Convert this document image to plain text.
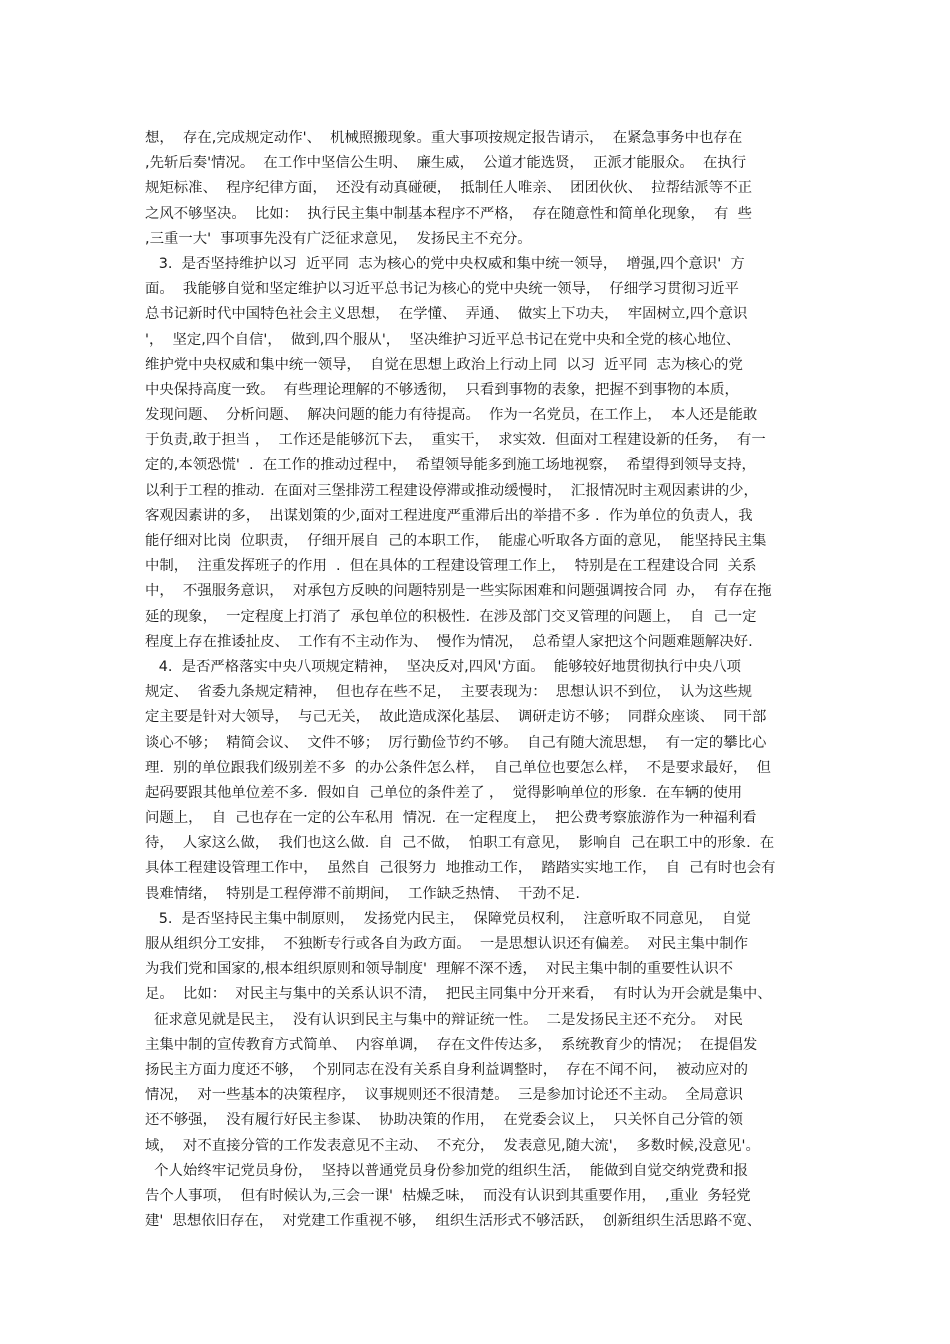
想，  存在,完成规定动作'、  机械照搬现象。重大事项按规定报告请示，  在紧急事务中也存在
,先斩后奏'情况。  在工作中坚信公生明、  廉生威，  公道才能选贤，  正派才能服众。  在执行
规矩标准、  程序纪律方面，  还没有动真碰硬，  抵制任人唯亲、  团团伙伙、  拉帮结派等不正
之风不够坚决。  比如：  执行民主集中制基本程序不严格，  存在随意性和简单化现象，  有  些
,三重一大'  事项事先没有广泛征求意见，  发扬民主不充分。
3.  是否坚持维护以习  近平同  志为核心的党中央权威和集中统一领导，  增强,四个意识'  方
面。  我能够自觉和坚定维护以习近平总书记为核心的党中央统一领导，  仔细学习贯彻习近平
总书记新时代中国特色社会主义思想，  在学懂、  弄通、  做实上下功夫，  牢固树立,四个意识
'，  坚定,四个自信'，  做到,四个服从'，  坚决维护习近平总书记在党中央和全党的核心地位、
维护党中央权威和集中统一领导，  自觉在思想上政治上行动上同  以习  近平同  志为核心的党
中央保持高度一致。  有些理论理解的不够透彻，  只看到事物的表象，把握不到事物的本质，
发现问题、  分析问题、  解决问题的能力有待提高。  作为一名党员，在工作上，  本人还是能敢
于负责,敢于担当 ，  工作还是能够沉下去，  重实干，  求实效.  但面对工程建设新的任务，  有一
定的,本领恐慌'  .  在工作的推动过程中，  希望领导能多到施工场地视察，  希望得到领导支持，
以利于工程的推动.  在面对三堡排涝工程建设停滞或推动缓慢时，  汇报情况时主观因素讲的少，
客观因素讲的多，  出谋划策的少,面对工程进度严重滞后出的举措不多 .  作为单位的负责人，我
能仔细对比岗  位职责，  仔细开展自  己的本职工作，  能虚心听取各方面的意见，  能坚持民主集
中制，  注重发挥班子的作用  .  但在具体的工程建设管理工作上，  特别是在工程建设合同  关系
中，  不强服务意识，  对承包方反映的问题特别是一些实际困难和问题强调按合同  办，  有存在拖
延的现象，  一定程度上打消了  承包单位的积极性.  在涉及部门交叉管理的问题上，  自  己一定
程度上存在推诿扯皮、  工作有不主动作为、  慢作为情况，  总希望人家把这个问题难题解决好.
4.  是否严格落实中央八项规定精神，  坚决反对,四风'方面。  能够较好地贯彻执行中央八项
规定、  省委九条规定精神，  但也存在些不足，  主要表现为：  思想认识不到位，  认为这些规
定主要是针对大领导，  与己无关，  故此造成深化基层、  调研走访不够；  同群众座谈、  同干部
谈心不够；  精简会议、  文件不够；  厉行勤俭节约不够。  自己有随大流思想，  有一定的攀比心
理.  别的单位跟我们级别差不多  的办公条件怎么样，  自己单位也要怎么样，  不是要求最好，  但
起码要跟其他单位差不多.  假如自  己单位的条件差了 ，  觉得影响单位的形象.  在车辆的使用
问题上，  自  己也存在一定的公车私用  情况.  在一定程度上，  把公费考察旅游作为一种福利看
待，  人家这么做，  我们也这么做.  自  己不做，  怕职工有意见，  影响自  己在职工中的形象.  在
具体工程建设管理工作中，  虽然自  己很努力  地推动工作，  踏踏实实地工作，  自  己有时也会有
畏难情绪，  特别是工程停滞不前期间，  工作缺乏热情、  干劲不足.
5.  是否坚持民主集中制原则，  发扬党内民主，  保障党员权利，  注意听取不同意见，  自觉
服从组织分工安排，  不独断专行或各自为政方面。  一是思想认识还有偏差。  对民主集中制作
为我们党和国家的,根本组织原则和领导制度'  理解不深不透，  对民主集中制的重要性认识不
足。  比如：  对民主与集中的关系认识不清，  把民主同集中分开来看，  有时认为开会就是集中、
征求意见就是民主，  没有认识到民主与集中的辩证统一性。  二是发扬民主还不充分。  对民
主集中制的宣传教育方式简单、  内容单调，  存在文件传达多，  系统教育少的情况；  在提倡发
扬民主方面力度还不够，  个别同志在没有关系自身利益调整时，  存在不闻不问，  被动应对的
情况，  对一些基本的决策程序，  议事规则还不很清楚。  三是参加讨论还不主动。  全局意识
还不够强，  没有履行好民主参谋、  协助决策的作用，  在党委会议上，  只关怀自己分管的领
域，  对不直接分管的工作发表意见不主动、  不充分，  发表意见,随大流'，  多数时候,没意见'。
个人始终牢记党员身份，  坚持以普通党员身份参加党的组织生活，  能做到自觉交纳党费和报
告个人事项，  但有时候认为,三会一课'  枯燥乏味，  而没有认识到其重要作用，  ,重业  务轻党
建'  思想依旧存在，  对党建工作重视不够，  组织生活形式不够活跃，  创新组织生活思路不宽、
